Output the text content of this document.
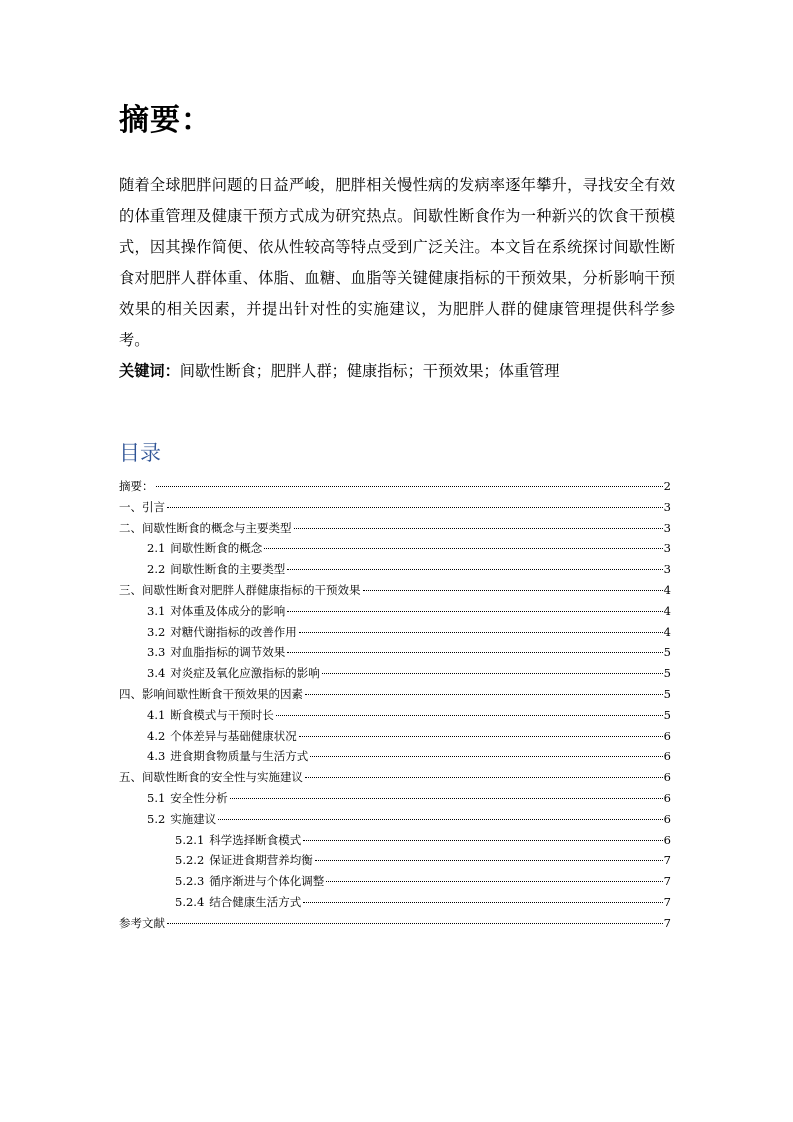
摘要：
随着全球肥胖问题的日益严峻，肥胖相关慢性病的发病率逐年攀升，寻找安全有效的体重管理及健康干预方式成为研究热点。间歇性断食作为一种新兴的饮食干预模式，因其操作简便、依从性较高等特点受到广泛关注。本文旨在系统探讨间歇性断食对肥胖人群体重、体脂、血糖、血脂等关键健康指标的干预效果，分析影响干预效果的相关因素，并提出针对性的实施建议，为肥胖人群的健康管理提供科学参考。
关键词：间歇性断食；肥胖人群；健康指标；干预效果；体重管理
目录
摘要：	2
一、引言	3
二、间歇性断食的概念与主要类型	3
2.1 间歇性断食的概念	3
2.2 间歇性断食的主要类型	3
三、间歇性断食对肥胖人群健康指标的干预效果	4
3.1 对体重及体成分的影响	4
3.2 对糖代谢指标的改善作用	4
3.3 对血脂指标的调节效果	5
3.4 对炎症及氧化应激指标的影响	5
四、影响间歇性断食干预效果的因素	5
4.1 断食模式与干预时长	5
4.2 个体差异与基础健康状况	6
4.3 进食期食物质量与生活方式	6
五、间歇性断食的安全性与实施建议	6
5.1 安全性分析	6
5.2 实施建议	6
5.2.1 科学选择断食模式	6
5.2.2 保证进食期营养均衡	7
5.2.3 循序渐进与个体化调整	7
5.2.4 结合健康生活方式	7
参考文献	7
